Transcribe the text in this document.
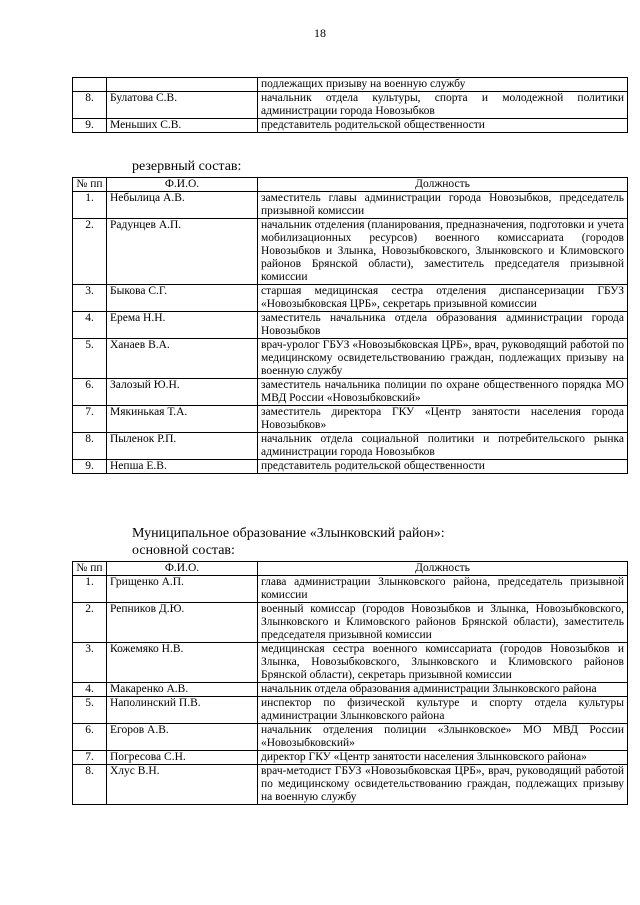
18
		подлежащих призыву на военную службу
8.	Булатова С.В.	начальник отдела культуры, спорта и молодежной политики администрации города Новозыбков
9.	Меньших С.В.	представитель родительской общественности
резервный состав:
№ пп	Ф.И.О.	Должность
1.	Небылица А.В.	заместитель главы администрации города Новозыбков, председатель призывной комиссии
2.	Радунцев А.П.	начальник отделения (планирования, предназначения, подготовки и учета мобилизационных ресурсов) военного комиссариата (городов Новозыбков и Злынка, Новозыбковского, Злынковского и Климовского районов Брянской области), заместитель председателя призывной комиссии
3.	Быкова С.Г.	старшая медицинская сестра отделения диспансеризации ГБУЗ «Новозыбковская ЦРБ», секретарь призывной комиссии
4.	Ерема Н.Н.	заместитель начальника отдела образования администрации города Новозыбков
5.	Ханаев В.А.	врач-уролог ГБУЗ «Новозыбковская ЦРБ», врач, руководящий работой по медицинскому освидетельствованию граждан, подлежащих призыву на военную службу
6.	Залозый Ю.Н.	заместитель начальника полиции по охране общественного порядка МО МВД России «Новозыбковский»
7.	Мякинькая Т.А.	заместитель директора ГКУ «Центр занятости населения города Новозыбков»
8.	Пыленок Р.П.	начальник отдела социальной политики и потребительского рынка администрации города Новозыбков
9.	Непша Е.В.	представитель родительской общественности
Муниципальное образование «Злынковский район»:
основной состав:
№ пп	Ф.И.О.	Должность
1.	Грищенко А.П.	глава администрации Злынковского района, председатель призывной комиссии
2.	Репников Д.Ю.	военный комиссар (городов Новозыбков и Злынка, Новозыбковского, Злынковского и Климовского районов Брянской области), заместитель председателя призывной комиссии
3.	Кожемяко Н.В.	медицинская сестра военного комиссариата (городов Новозыбков и Злынка, Новозыбковского, Злынковского и Климовского районов Брянской области), секретарь призывной комиссии
4.	Макаренко А.В.	начальник отдела образования администрации Злынковского района
5.	Наполинский П.В.	инспектор по физической культуре и спорту отдела культуры администрации Злынковского района
6.	Егоров А.В.	начальник отделения полиции «Злынковское» МО МВД России «Новозыбковский»
7.	Погресова С.Н.	директор ГКУ «Центр занятости населения Злынковского района»
8.	Хлус В.Н.	врач-методист ГБУЗ «Новозыбковская ЦРБ», врач, руководящий работой по медицинскому освидетельствованию граждан, подлежащих призыву на военную службу
